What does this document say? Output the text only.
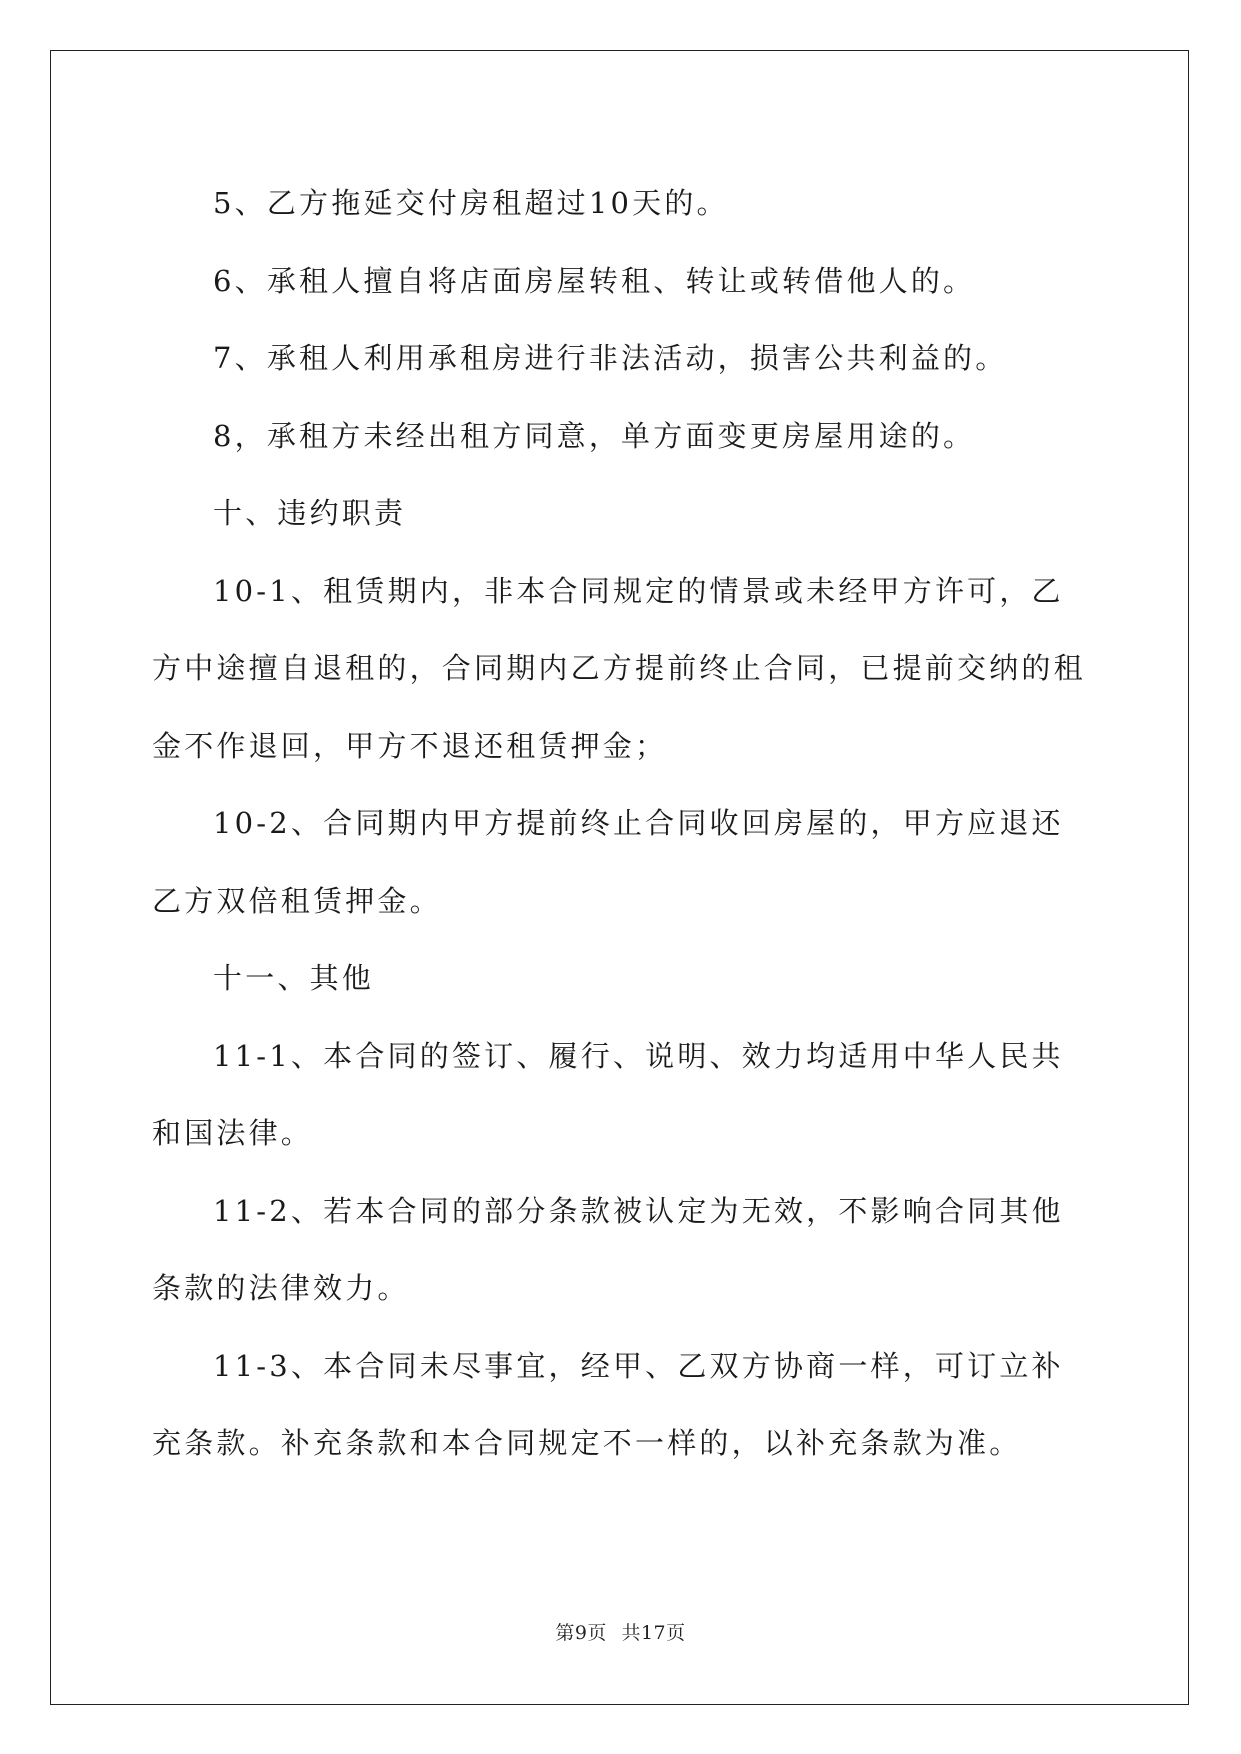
5、乙方拖延交付房租超过10天的。

6、承租人擅自将店面房屋转租、转让或转借他人的。

7、承租人利用承租房进行非法活动，损害公共利益的。

8，承租方未经出租方同意，单方面变更房屋用途的。

十、违约职责

10-1、租赁期内，非本合同规定的情景或未经甲方许可，乙方中途擅自退租的，合同期内乙方提前终止合同，已提前交纳的租金不作退回，甲方不退还租赁押金；

10-2、合同期内甲方提前终止合同收回房屋的，甲方应退还乙方双倍租赁押金。

十一、其他

11-1、本合同的签订、履行、说明、效力均适用中华人民共和国法律。

11-2、若本合同的部分条款被认定为无效，不影响合同其他条款的法律效力。

11-3、本合同未尽事宜，经甲、乙双方协商一样，可订立补充条款。补充条款和本合同规定不一样的，以补充条款为准。

第9页 共17页
